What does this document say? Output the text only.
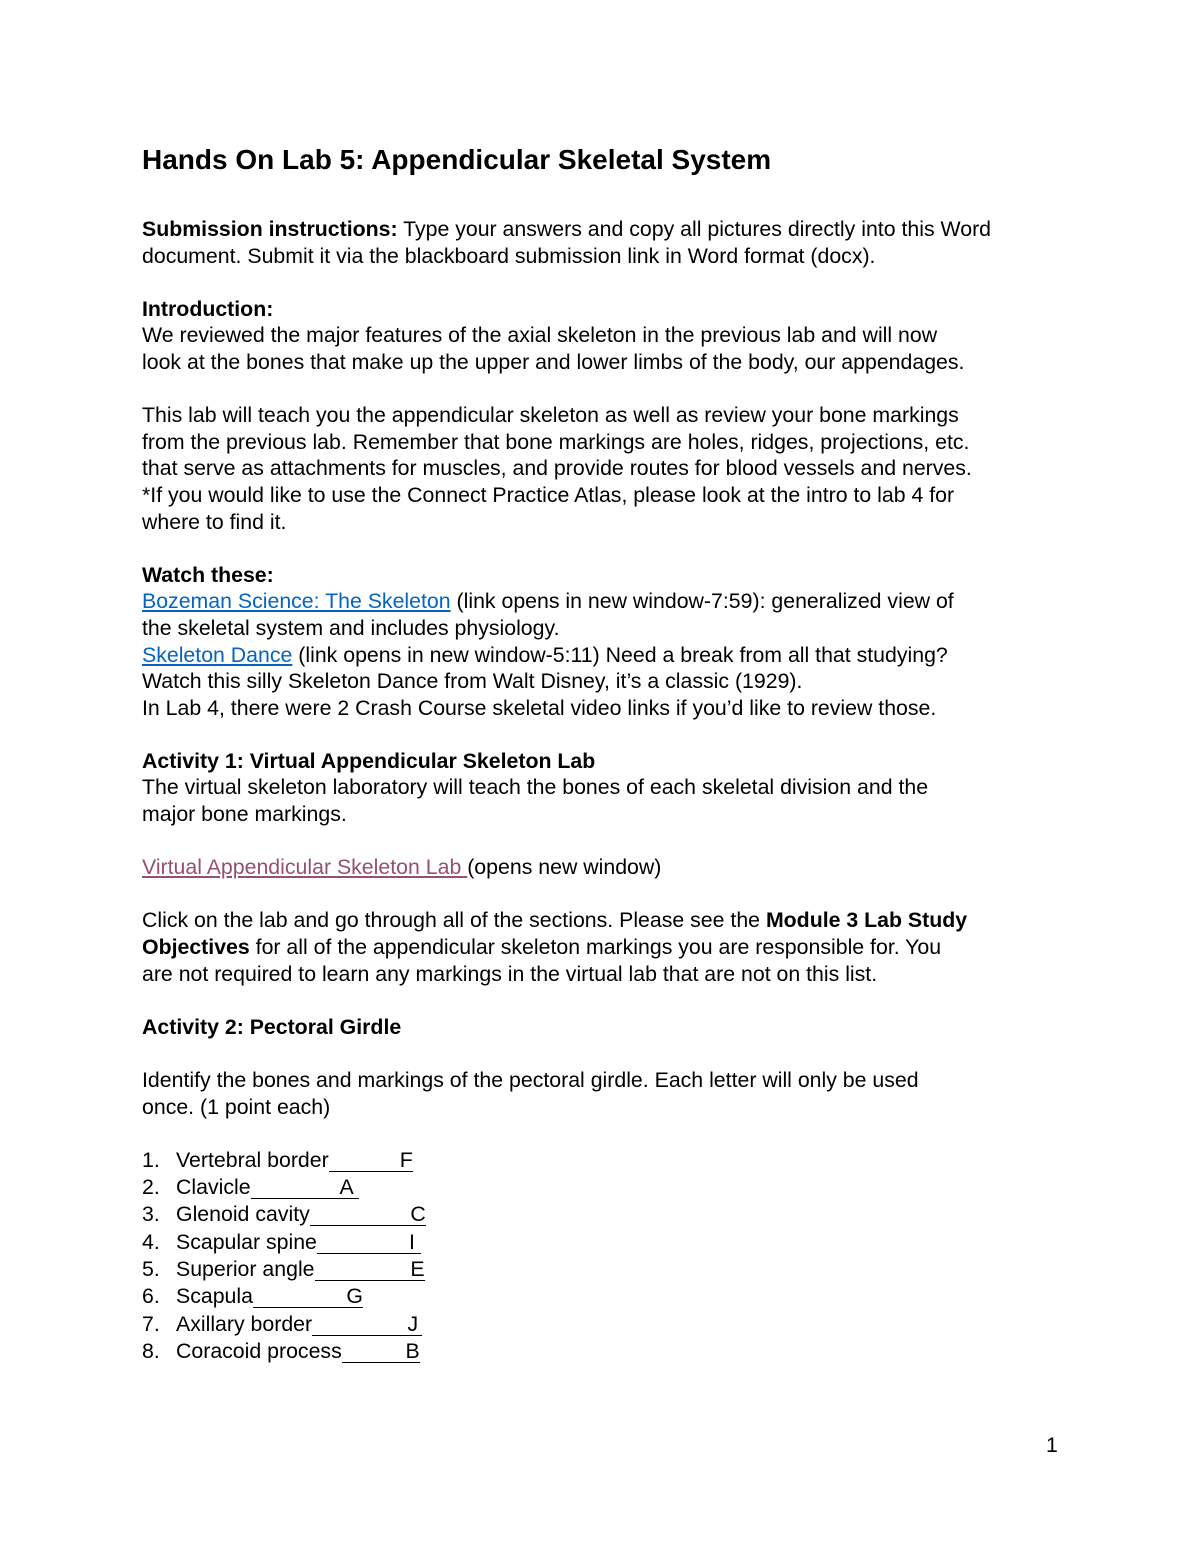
Hands On Lab 5: Appendicular Skeletal System

Submission instructions: Type your answers and copy all pictures directly into this Word document. Submit it via the blackboard submission link in Word format (docx).

Introduction:

We reviewed the major features of the axial skeleton in the previous lab and will now

look at the bones that make up the upper and lower limbs of the body, our appendages.

This lab will teach you the appendicular skeleton as well as review your bone markings

from the previous lab. Remember that bone markings are holes, ridges, projections, etc.

that serve as attachments for muscles, and provide routes for blood vessels and nerves.

*If you would like to use the Connect Practice Atlas, please look at the intro to lab 4 for

where to find it.

Watch these:

Bozeman Science: The Skeleton (link opens in new window-7:59): generalized view of

the skeletal system and includes physiology.

Skeleton Dance (link opens in new window-5:11) Need a break from all that studying?

Watch this silly Skeleton Dance from Walt Disney, it’s a classic (1929).

In Lab 4, there were 2 Crash Course skeletal video links if you’d like to review those.

Activity 1: Virtual Appendicular Skeleton Lab

The virtual skeleton laboratory will teach the bones of each skeletal division and the

major bone markings.

Virtual Appendicular Skeleton Lab (opens new window)

Click on the lab and go through all of the sections. Please see the Module 3 Lab Study

Objectives for all of the appendicular skeleton markings you are responsible for. You

are not required to learn any markings in the virtual lab that are not on this list.

Activity 2: Pectoral Girdle

Identify the bones and markings of the pectoral girdle. Each letter will only be used

once. (1 point each)

1. Vertebral border	F
2. Clavicle	A
3. Glenoid cavity	C
4. Scapular spine	I
5. Superior angle	E
6. Scapula	G
7. Axillary border	J
8. Coracoid process	B
1
